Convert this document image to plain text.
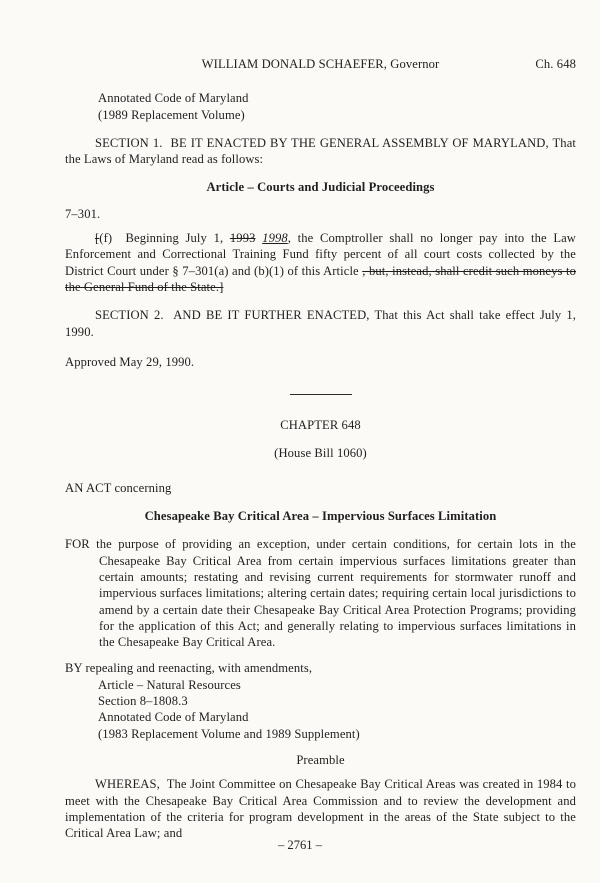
WILLIAM DONALD SCHAEFER, Governor	Ch. 648

Annotated Code of Maryland

(1989 Replacement Volume)

SECTION 1.  BE IT ENACTED BY THE GENERAL ASSEMBLY OF MARYLAND, That the Laws of Maryland read as follows:

Article – Courts and Judicial Proceedings

7–301.

[(f)  Beginning July 1, 1993 1998, the Comptroller shall no longer pay into the Law Enforcement and Correctional Training Fund fifty percent of all court costs collected by the District Court under § 7–301(a) and (b)(1) of this Article , but, instead, shall credit such moneys to the General Fund of the State.]

SECTION 2.  AND BE IT FURTHER ENACTED, That this Act shall take effect July 1, 1990.

Approved May 29, 1990.

CHAPTER 648

(House Bill 1060)

AN ACT concerning

Chesapeake Bay Critical Area – Impervious Surfaces Limitation

FOR the purpose of providing an exception, under certain conditions, for certain lots in the Chesapeake Bay Critical Area from certain impervious surfaces limitations greater than certain amounts; restating and revising current requirements for stormwater runoff and impervious surfaces limitations; altering certain dates; requiring certain local jurisdictions to amend by a certain date their Chesapeake Bay Critical Area Protection Programs; providing for the application of this Act; and generally relating to impervious surfaces limitations in the Chesapeake Bay Critical Area.

BY repealing and reenacting, with amendments,

Article – Natural Resources

Section 8–1808.3

Annotated Code of Maryland

(1983 Replacement Volume and 1989 Supplement)

Preamble

WHEREAS,  The Joint Committee on Chesapeake Bay Critical Areas was created in 1984 to meet with the Chesapeake Bay Critical Area Commission and to review the development and implementation of the criteria for program development in the areas of the State subject to the Critical Area Law; and

– 2761 –
